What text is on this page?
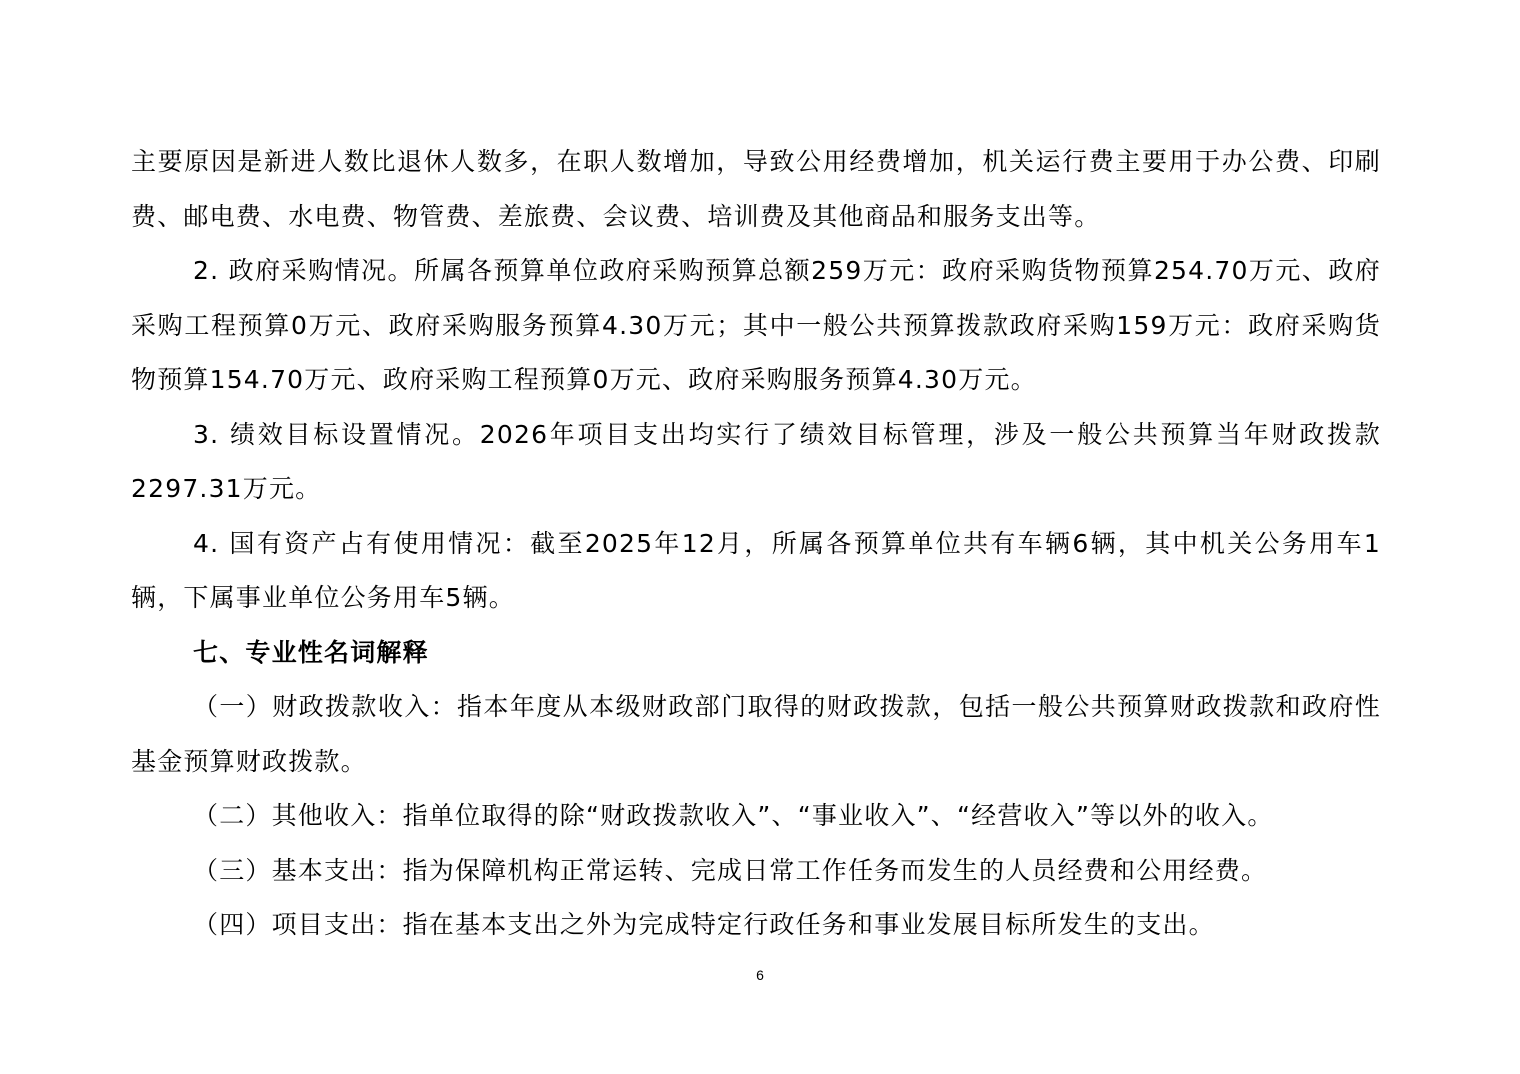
主要原因是新进人数比退休人数多，在职人数增加，导致公用经费增加，机关运行费主要用于办公费、印刷费、邮电费、水电费、物管费、差旅费、会议费、培训费及其他商品和服务支出等。

2. 政府采购情况。所属各预算单位政府采购预算总额259万元：政府采购货物预算254.70万元、政府采购工程预算0万元、政府采购服务预算4.30万元；其中一般公共预算拨款政府采购159万元：政府采购货物预算154.70万元、政府采购工程预算0万元、政府采购服务预算4.30万元。

3. 绩效目标设置情况。2026年项目支出均实行了绩效目标管理，涉及一般公共预算当年财政拨款2297.31万元。

4. 国有资产占有使用情况：截至2025年12月，所属各预算单位共有车辆6辆，其中机关公务用车1辆，下属事业单位公务用车5辆。

七、专业性名词解释

（一）财政拨款收入：指本年度从本级财政部门取得的财政拨款，包括一般公共预算财政拨款和政府性基金预算财政拨款。

（二）其他收入：指单位取得的除“财政拨款收入”、“事业收入”、“经营收入”等以外的收入。

（三）基本支出：指为保障机构正常运转、完成日常工作任务而发生的人员经费和公用经费。

（四）项目支出：指在基本支出之外为完成特定行政任务和事业发展目标所发生的支出。

6
